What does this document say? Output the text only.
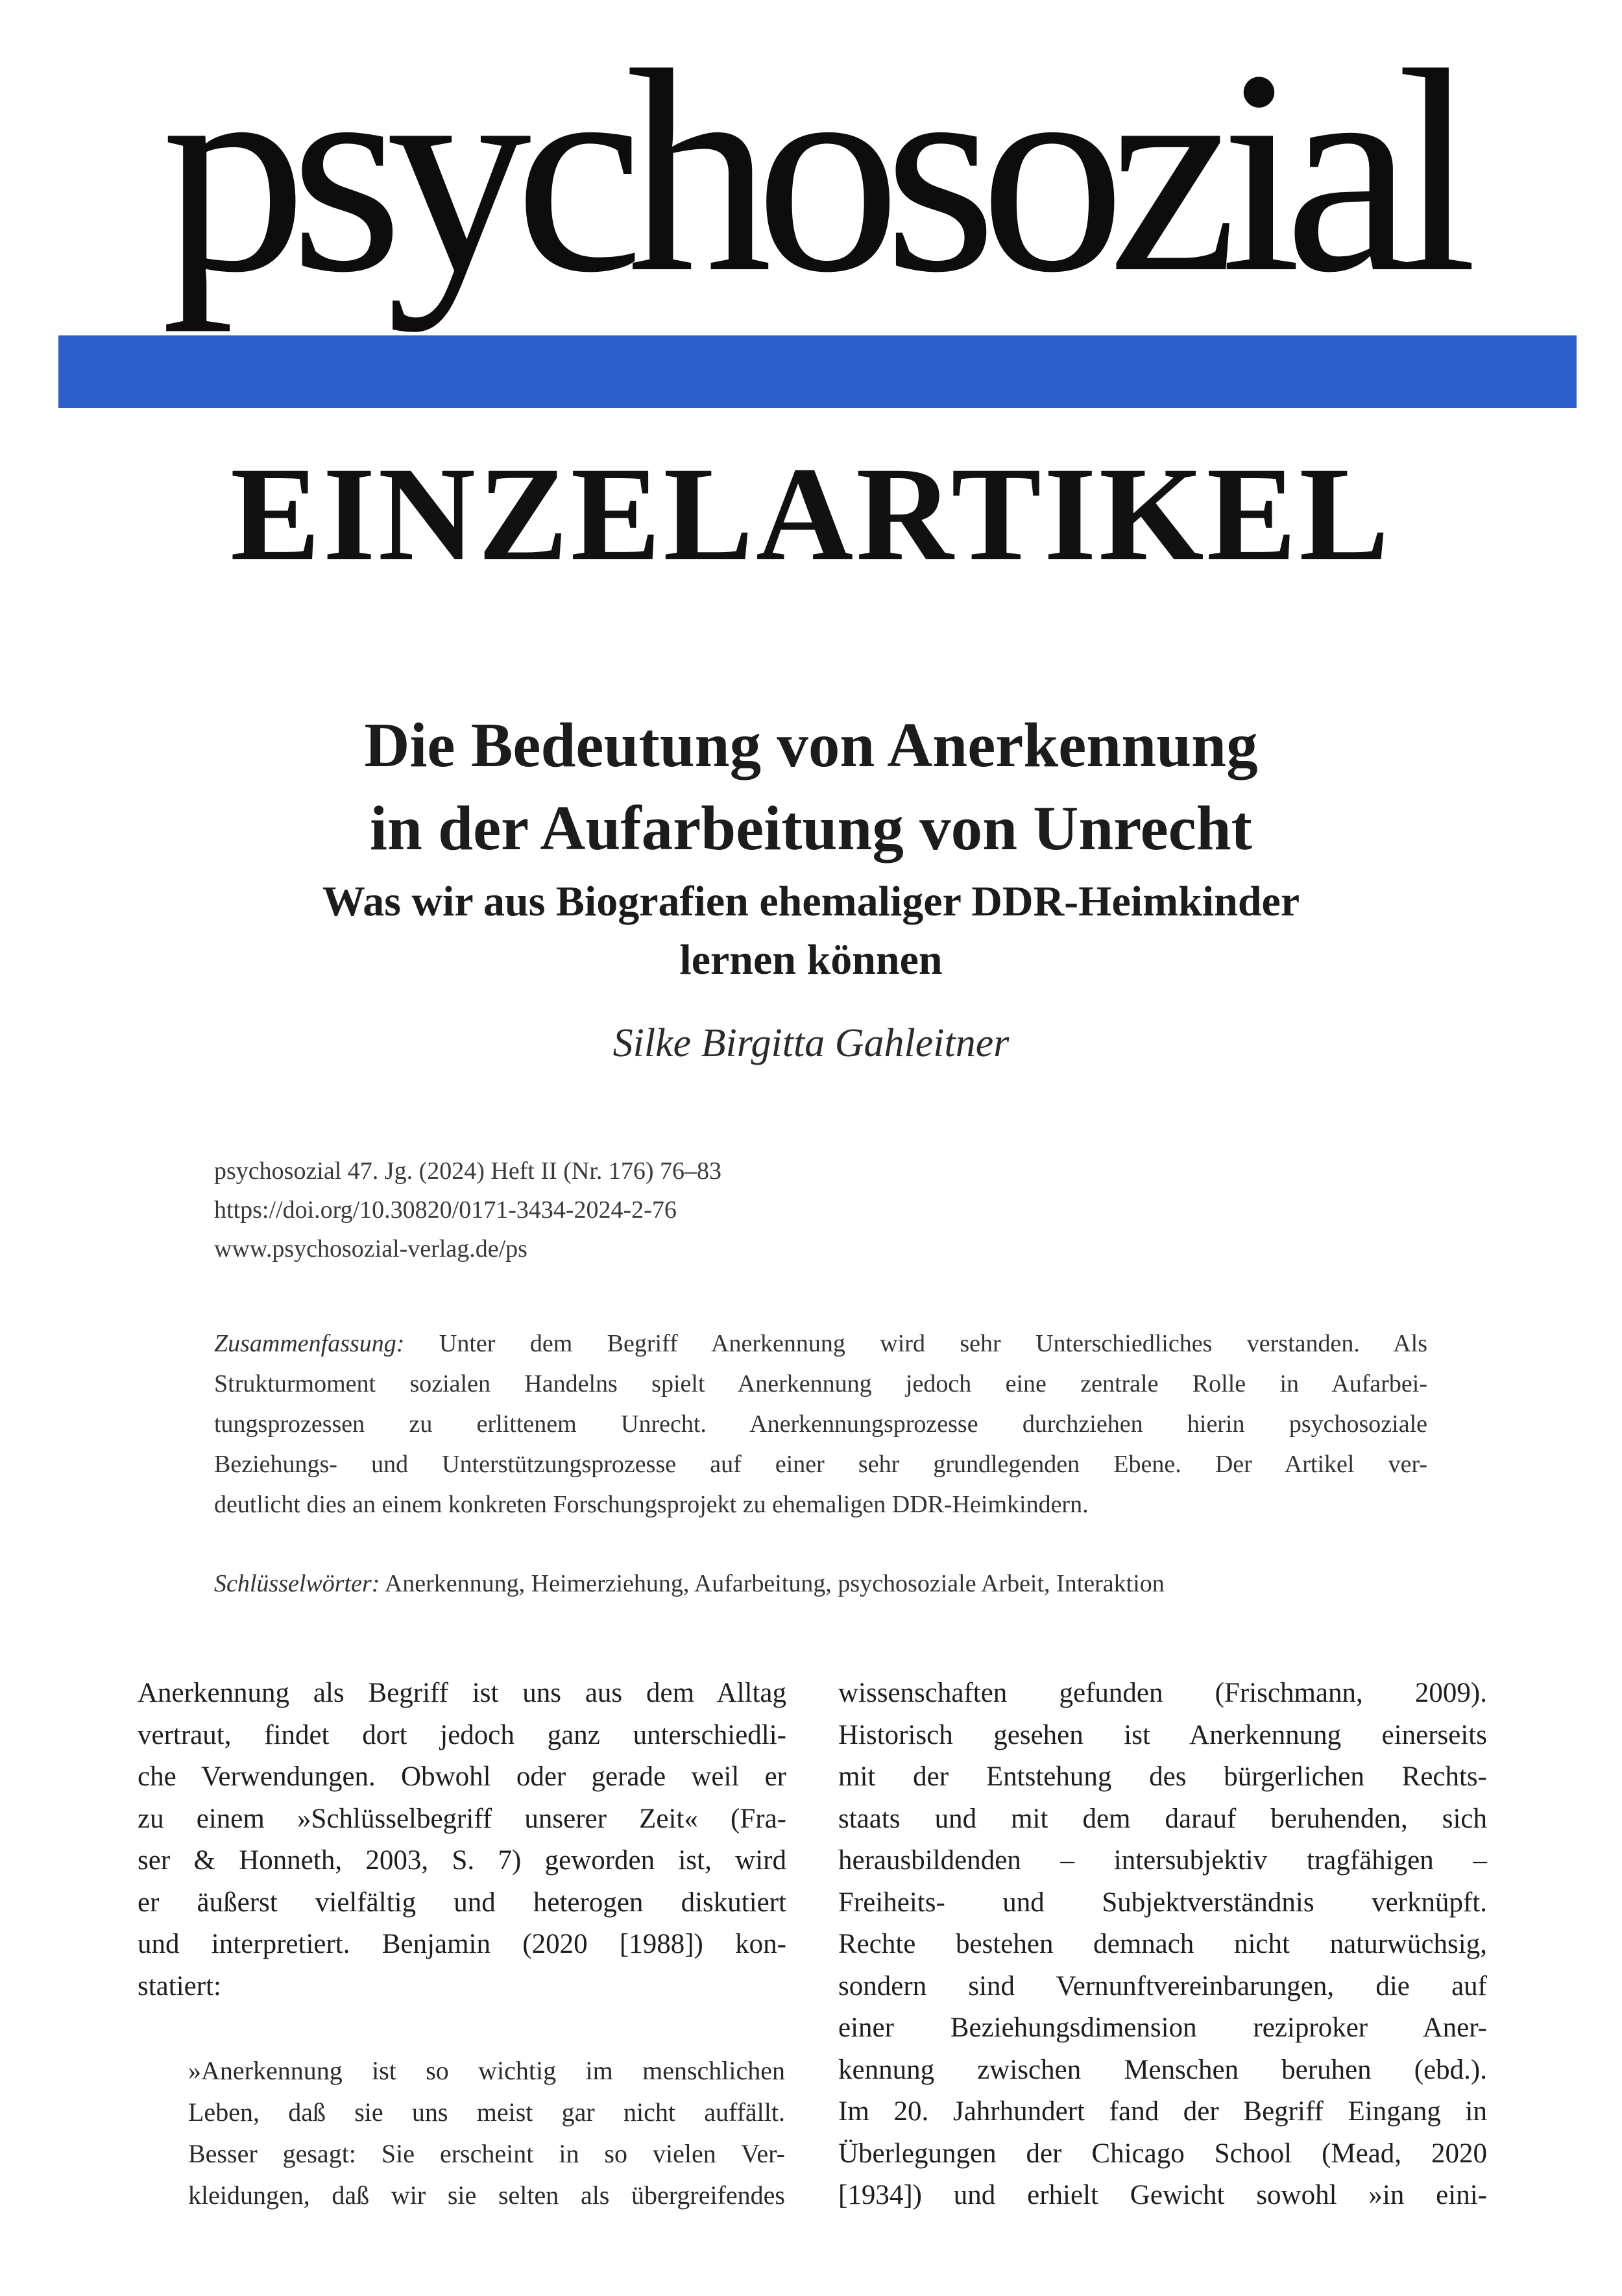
psychosozial
EINZELARTIKEL
Die Bedeutung von Anerkennung
in der Aufarbeitung von Unrecht
Was wir aus Biografien ehemaliger DDR-Heimkinder
lernen können
Silke Birgitta Gahleitner
psychosozial 47. Jg. (2024) Heft II (Nr. 176) 76–83
https://doi.org/10.30820/0171-3434-2024-2-76
www.psychosozial-verlag.de/ps
Zusammenfassung: Unter dem Begriff Anerkennung wird sehr Unterschiedliches verstanden. Als
Strukturmoment sozialen Handelns spielt Anerkennung jedoch eine zentrale Rolle in Aufarbei-
tungsprozessen zu erlittenem Unrecht. Anerkennungsprozesse durchziehen hierin psychosoziale
Beziehungs- und Unterstützungsprozesse auf einer sehr grundlegenden Ebene. Der Artikel ver-
deutlicht dies an einem konkreten Forschungsprojekt zu ehemaligen DDR-Heimkindern.
Schlüsselwörter: Anerkennung, Heimerziehung, Aufarbeitung, psychosoziale Arbeit, Interaktion
Anerkennung als Begriff ist uns aus dem Alltag
vertraut, findet dort jedoch ganz unterschiedli-
che Verwendungen. Obwohl oder gerade weil er
zu einem »Schlüsselbegriff unserer Zeit« (Fra-
ser & Honneth, 2003, S. 7) geworden ist, wird
er äußerst vielfältig und heterogen diskutiert
und interpretiert. Benjamin (2020 [1988]) kon-
statiert:
»Anerkennung ist so wichtig im menschlichen
Leben, daß sie uns meist gar nicht auffällt.
Besser gesagt: Sie erscheint in so vielen Ver-
kleidungen, daß wir sie selten als übergreifendes
wissenschaften gefunden (Frischmann, 2009).
Historisch gesehen ist Anerkennung einerseits
mit der Entstehung des bürgerlichen Rechts-
staats und mit dem darauf beruhenden, sich
herausbildenden – intersubjektiv tragfähigen –
Freiheits- und Subjektverständnis verknüpft.
Rechte bestehen demnach nicht naturwüchsig,
sondern sind Vernunftvereinbarungen, die auf
einer Beziehungsdimension reziproker Aner-
kennung zwischen Menschen beruhen (ebd.).
Im 20. Jahrhundert fand der Begriff Eingang in
Überlegungen der Chicago School (Mead, 2020
[1934]) und erhielt Gewicht sowohl »in eini-
